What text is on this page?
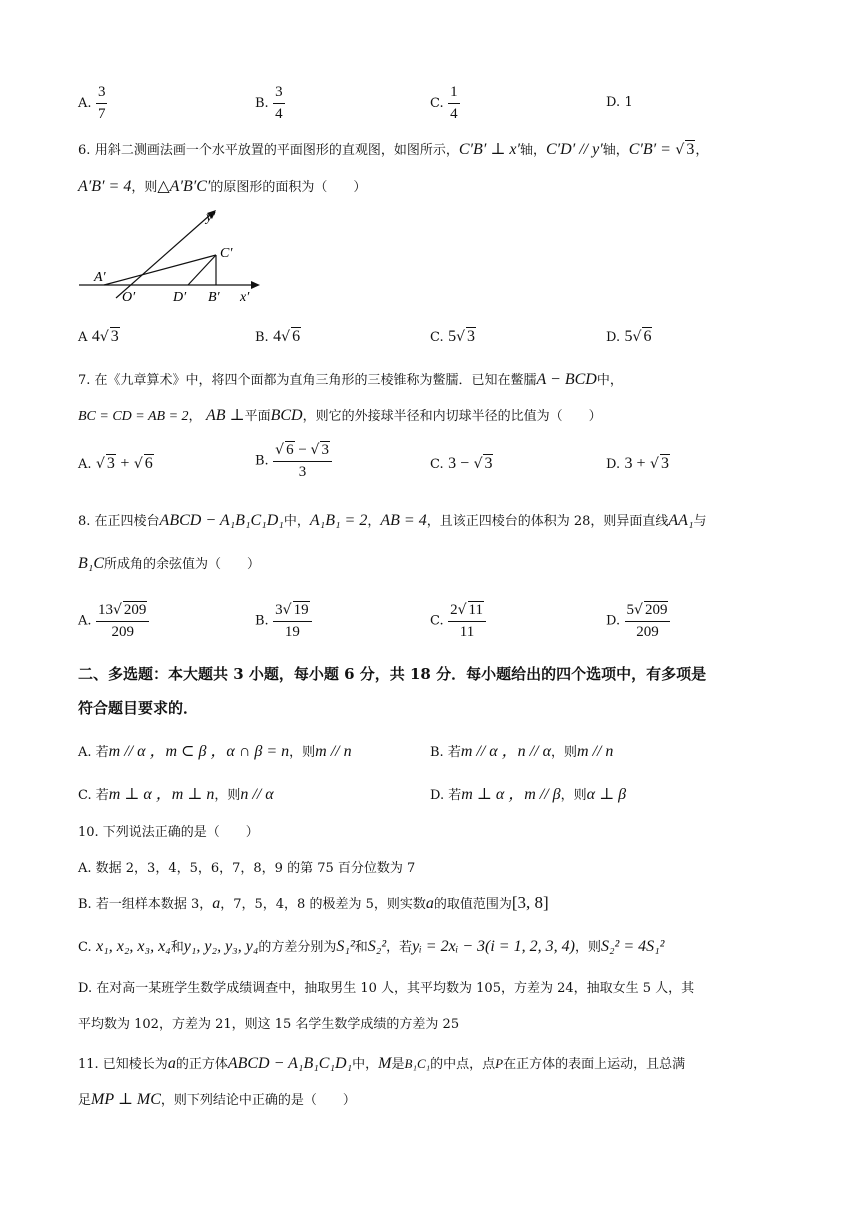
A. $\frac{3}{7}$	B. $\frac{3}{4}$	C. $\frac{1}{4}$	D. 1
6. 用斜二测画法画一个水平放置的平面图形的直观图，如图所示，C′B′ ⊥ x′轴，C′D′ // y′轴，C′B′ = √ 3，
A′B′ = 4，则△A′B′C′的原图形的面积为（　　）
y′
C′
A′
O′	D′ B′ x′
A 4√ 3	B. 4√ 6	C. 5√ 3	D. 5√ 6
7. 在《九章算术》中，将四个面都为直角三角形的三棱锥称为鳖臑．已知在鳖臑A − BCD中，
BC = CD = AB = 2， AB ⊥平面BCD，则它的外接球半径和内切球半径的比值为（　　）
A. √ 3 + √ 6	B. $\frac{√ 6 - √ 3}{3}$	C. 3 − √ 3	D. 3 + √ 3
8. 在正四棱台ABCD − A₁B₁C₁D₁中，A₁B₁ = 2，AB = 4，且该正四棱台的体积为 28，则异面直线AA₁与
B₁C所成角的余弦值为（　　）
A. $\frac{13√ 209}{209}$	B. $\frac{3√ 19}{19}$	C. $\frac{2√ 11}{11}$	D. $\frac{5√ 209}{209}$
二、多选题：本大题共 3 小题，每小题 6 分，共 18 分．每小题给出的四个选项中，有多项是
符合题目要求的．
A. 若m // α ，m ⊂ β ，α ∩ β = n，则m // n	B. 若m // α ，n // α，则m // n
C. 若m ⊥ α ，m ⊥ n，则n // α	D. 若m ⊥ α ，m // β，则α ⊥ β
10. 下列说法正确的是（　　）
A. 数据 2，3，4，5，6，7，8，9 的第 75 百分位数为 7
B. 若一组样本数据 3，a，7，5，4，8 的极差为 5，则实数a的取值范围为[3, 8]
C. x₁, x₂, x₃, x₄和y₁, y₂, y₃, y₄的方差分别为S₁²和S₂²，若yᵢ = 2xᵢ − 3(i = 1, 2, 3, 4)，则S₂² = 4S₁²
D. 在对高一某班学生数学成绩调查中，抽取男生 10 人，其平均数为 105，方差为 24，抽取女生 5 人，其
平均数为 102，方差为 21，则这 15 名学生数学成绩的方差为 25
11. 已知棱长为a的正方体ABCD − A₁B₁C₁D₁中，M是B₁C₁的中点，点P在正方体的表面上运动，且总满
足MP ⊥ MC，则下列结论中正确的是（　　）
